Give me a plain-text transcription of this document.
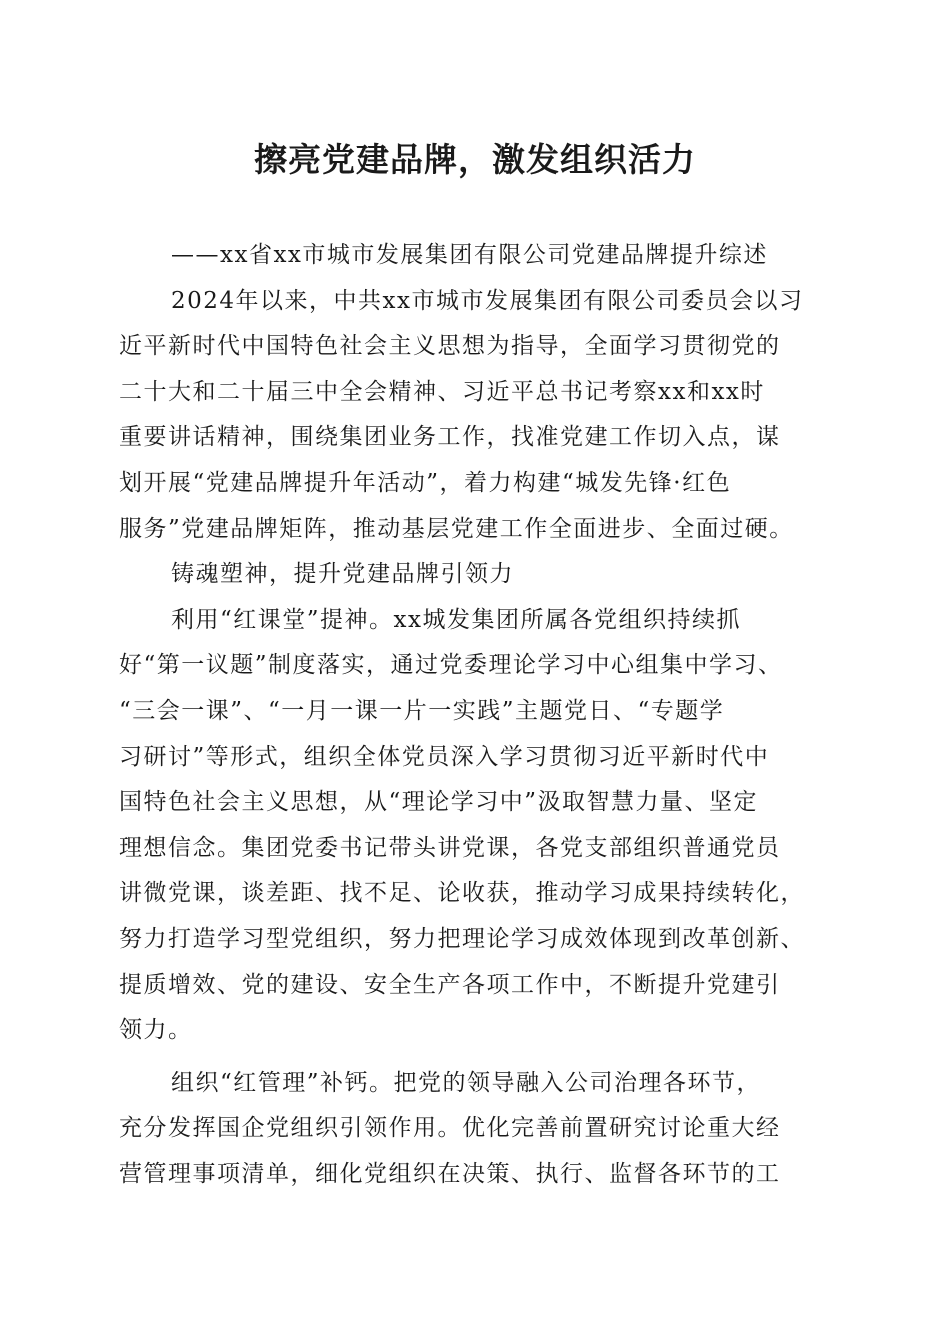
擦亮党建品牌，激发组织活力
——xx省xx市城市发展集团有限公司党建品牌提升综述
2024年以来，中共xx市城市发展集团有限公司委员会以习
近平新时代中国特色社会主义思想为指导，全面学习贯彻党的
二十大和二十届三中全会精神、习近平总书记考察xx和xx时
重要讲话精神，围绕集团业务工作，找准党建工作切入点，谋
划开展“党建品牌提升年活动”，着力构建“城发先锋·红色
服务”党建品牌矩阵，推动基层党建工作全面进步、全面过硬。
铸魂塑神，提升党建品牌引领力
利用“红课堂”提神。xx城发集团所属各党组织持续抓
好“第一议题”制度落实，通过党委理论学习中心组集中学习、
“三会一课”、“一月一课一片一实践”主题党日、“专题学
习研讨”等形式，组织全体党员深入学习贯彻习近平新时代中
国特色社会主义思想，从“理论学习中”汲取智慧力量、坚定
理想信念。集团党委书记带头讲党课，各党支部组织普通党员
讲微党课，谈差距、找不足、论收获，推动学习成果持续转化，
努力打造学习型党组织，努力把理论学习成效体现到改革创新、
提质增效、党的建设、安全生产各项工作中，不断提升党建引
领力。
组织“红管理”补钙。把党的领导融入公司治理各环节，
充分发挥国企党组织引领作用。优化完善前置研究讨论重大经
营管理事项清单，细化党组织在决策、执行、监督各环节的工
